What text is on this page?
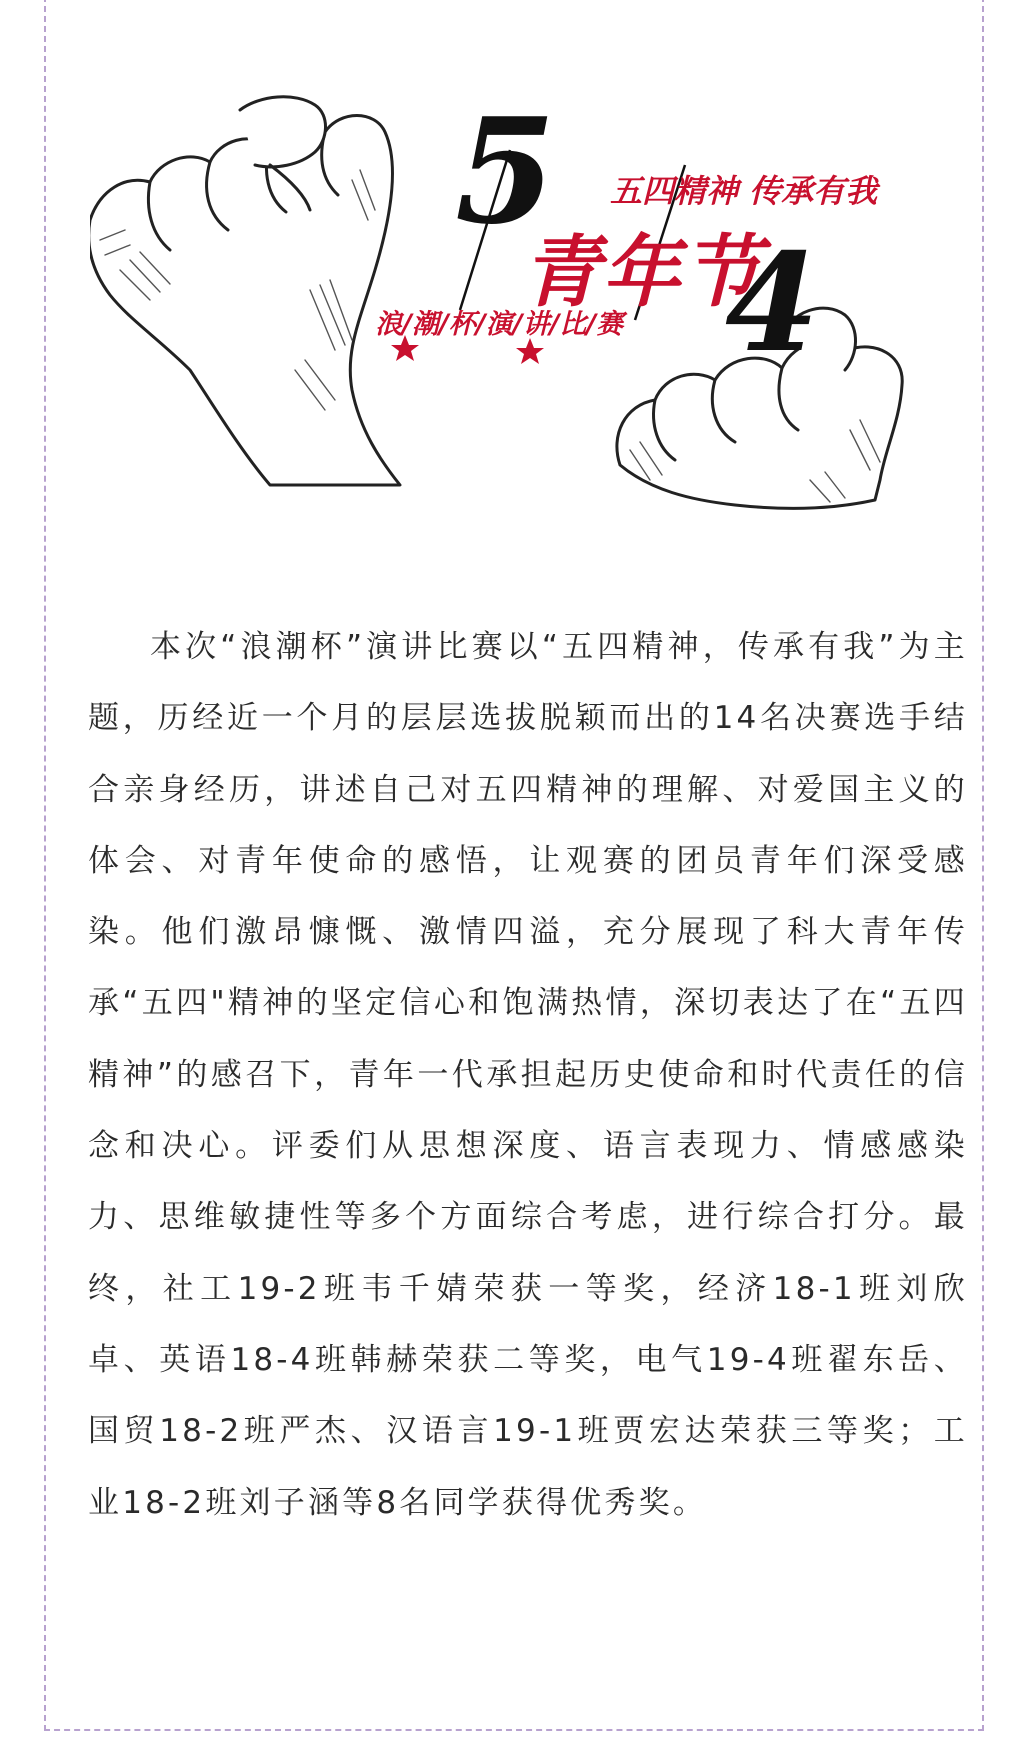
5
4
五四精神 传承有我
青年节
浪/潮/杯/演/讲/比/赛

本次“浪潮杯”演讲比赛以“五四精神，传承有我”为主题，历经近一个月的层层选拔脱颖而出的14名决赛选手结合亲身经历，讲述自己对五四精神的理解、对爱国主义的体会、对青年使命的感悟，让观赛的团员青年们深受感染。他们激昂慷慨、激情四溢，充分展现了科大青年传承“五四"精神的坚定信心和饱满热情，深切表达了在“五四精神”的感召下，青年一代承担起历史使命和时代责任的信念和决心。评委们从思想深度、语言表现力、情感感染力、思维敏捷性等多个方面综合考虑，进行综合打分。最终，社工19-2班韦千婧荣获一等奖，经济18-1班刘欣卓、英语18-4班韩赫荣获二等奖，电气19-4班翟东岳、国贸18-2班严杰、汉语言19-1班贾宏达荣获三等奖；工业18-2班刘子涵等8名同学获得优秀奖。
